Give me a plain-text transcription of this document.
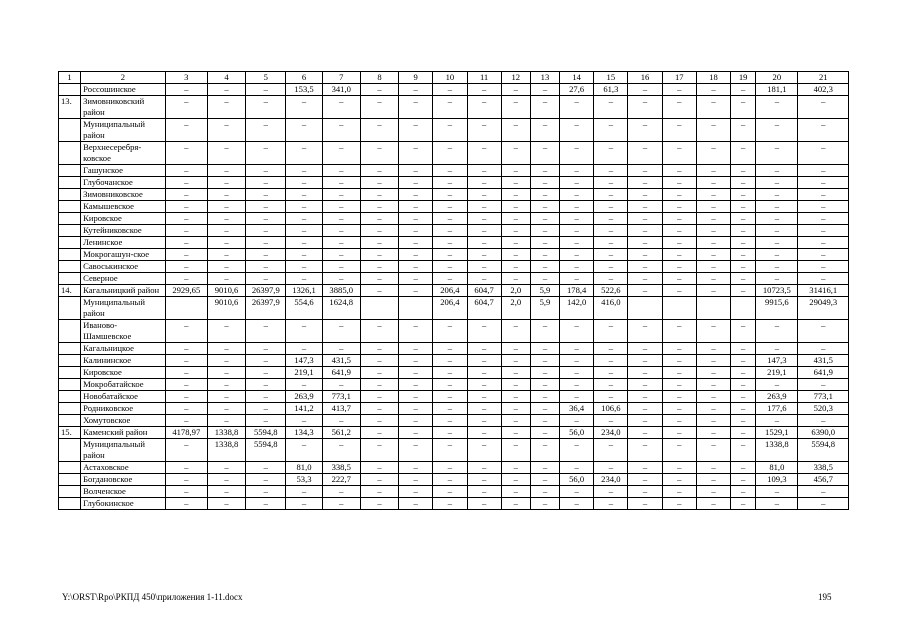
1	2	3	4	5	6	7	8	9	10	11	12	13	14	15	16	17	18	19	20	21
	Россошинское	–	–	–	153,5	341,0	–	–	–	–	–	–	27,6	61,3	–	–	–	–	181,1	402,3
13.	Зимовниковский район	–	–	–	–	–	–	–	–	–	–	–	–	–	–	–	–	–	–	–
	Муниципальный район	–	–	–	–	–	–	–	–	–	–	–	–	–	–	–	–	–	–	–
	Верхнесеребря-ковское	–	–	–	–	–	–	–	–	–	–	–	–	–	–	–	–	–	–	–
	Гашунское	–	–	–	–	–	–	–	–	–	–	–	–	–	–	–	–	–	–	–
	Глубочанское	–	–	–	–	–	–	–	–	–	–	–	–	–	–	–	–	–	–	–
	Зимовниковское	–	–	–	–	–	–	–	–	–	–	–	–	–	–	–	–	–	–	–
	Камышевское	–	–	–	–	–	–	–	–	–	–	–	–	–	–	–	–	–	–	–
	Кировское	–	–	–	–	–	–	–	–	–	–	–	–	–	–	–	–	–	–	–
	Кутейниковское	–	–	–	–	–	–	–	–	–	–	–	–	–	–	–	–	–	–	–
	Ленинское	–	–	–	–	–	–	–	–	–	–	–	–	–	–	–	–	–	–	–
	Мокрогашун-ское	–	–	–	–	–	–	–	–	–	–	–	–	–	–	–	–	–	–	–
	Савоськинское	–	–	–	–	–	–	–	–	–	–	–	–	–	–	–	–	–	–	–
	Северное	–	–	–	–	–	–	–	–	–	–	–	–	–	–	–	–	–	–	–
14.	Кагальницкий район	2929,65	9010,6	26397,9	1326,1	3885,0	–	–	206,4	604,7	2,0	5,9	178,4	522,6	–	–	–	–	10723,5	31416,1
	Муниципальный район		9010,6	26397,9	554,6	1624,8			206,4	604,7	2,0	5,9	142,0	416,0					9915,6	29049,3
	Иваново-Шамшевское	–	–	–	–	–	–	–	–	–	–	–	–	–	–	–	–	–	–	–
	Кагальницкое	–	–	–	–	–	–	–	–	–	–	–	–	–	–	–	–	–	–	–
	Калининское	–	–	–	147,3	431,5	–	–	–	–	–	–	–	–	–	–	–	–	147,3	431,5
	Кировское	–	–	–	219,1	641,9	–	–	–	–	–	–	–	–	–	–	–	–	219,1	641,9
	Мокробатайское	–	–	–	–	–	–	–	–	–	–	–	–	–	–	–	–	–	–	–
	Новобатайское	–	–	–	263,9	773,1	–	–	–	–	–	–	–	–	–	–	–	–	263,9	773,1
	Родниковское	–	–	–	141,2	413,7	–	–	–	–	–	–	36,4	106,6	–	–	–	–	177,6	520,3
	Хомутовское	–	–	–	–	–	–	–	–	–	–	–	–	–	–	–	–	–	–	–
15.	Каменский район	4178,97	1338,8	5594,8	134,3	561,2	–	–	–	–	–	–	56,0	234,0	–	–	–	–	1529,1	6390,0
	Муниципальный район	–	1338,8	5594,8	–	–	–	–	–	–	–	–	–	–	–	–	–	–	1338,8	5594,8
	Астаховское	–	–	–	81,0	338,5	–	–	–	–	–	–	–	–	–	–	–	–	81,0	338,5
	Богдановское	–	–	–	53,3	222,7	–	–	–	–	–	–	56,0	234,0	–	–	–	–	109,3	456,7
	Волченское	–	–	–	–	–	–	–	–	–	–	–	–	–	–	–	–	–	–	–
	Глубокинское	–	–	–	–	–	–	–	–	–	–	–	–	–	–	–	–	–	–	–
Y:\ORST\Rpo\РКПД 450\приложения 1-11.docx	195
